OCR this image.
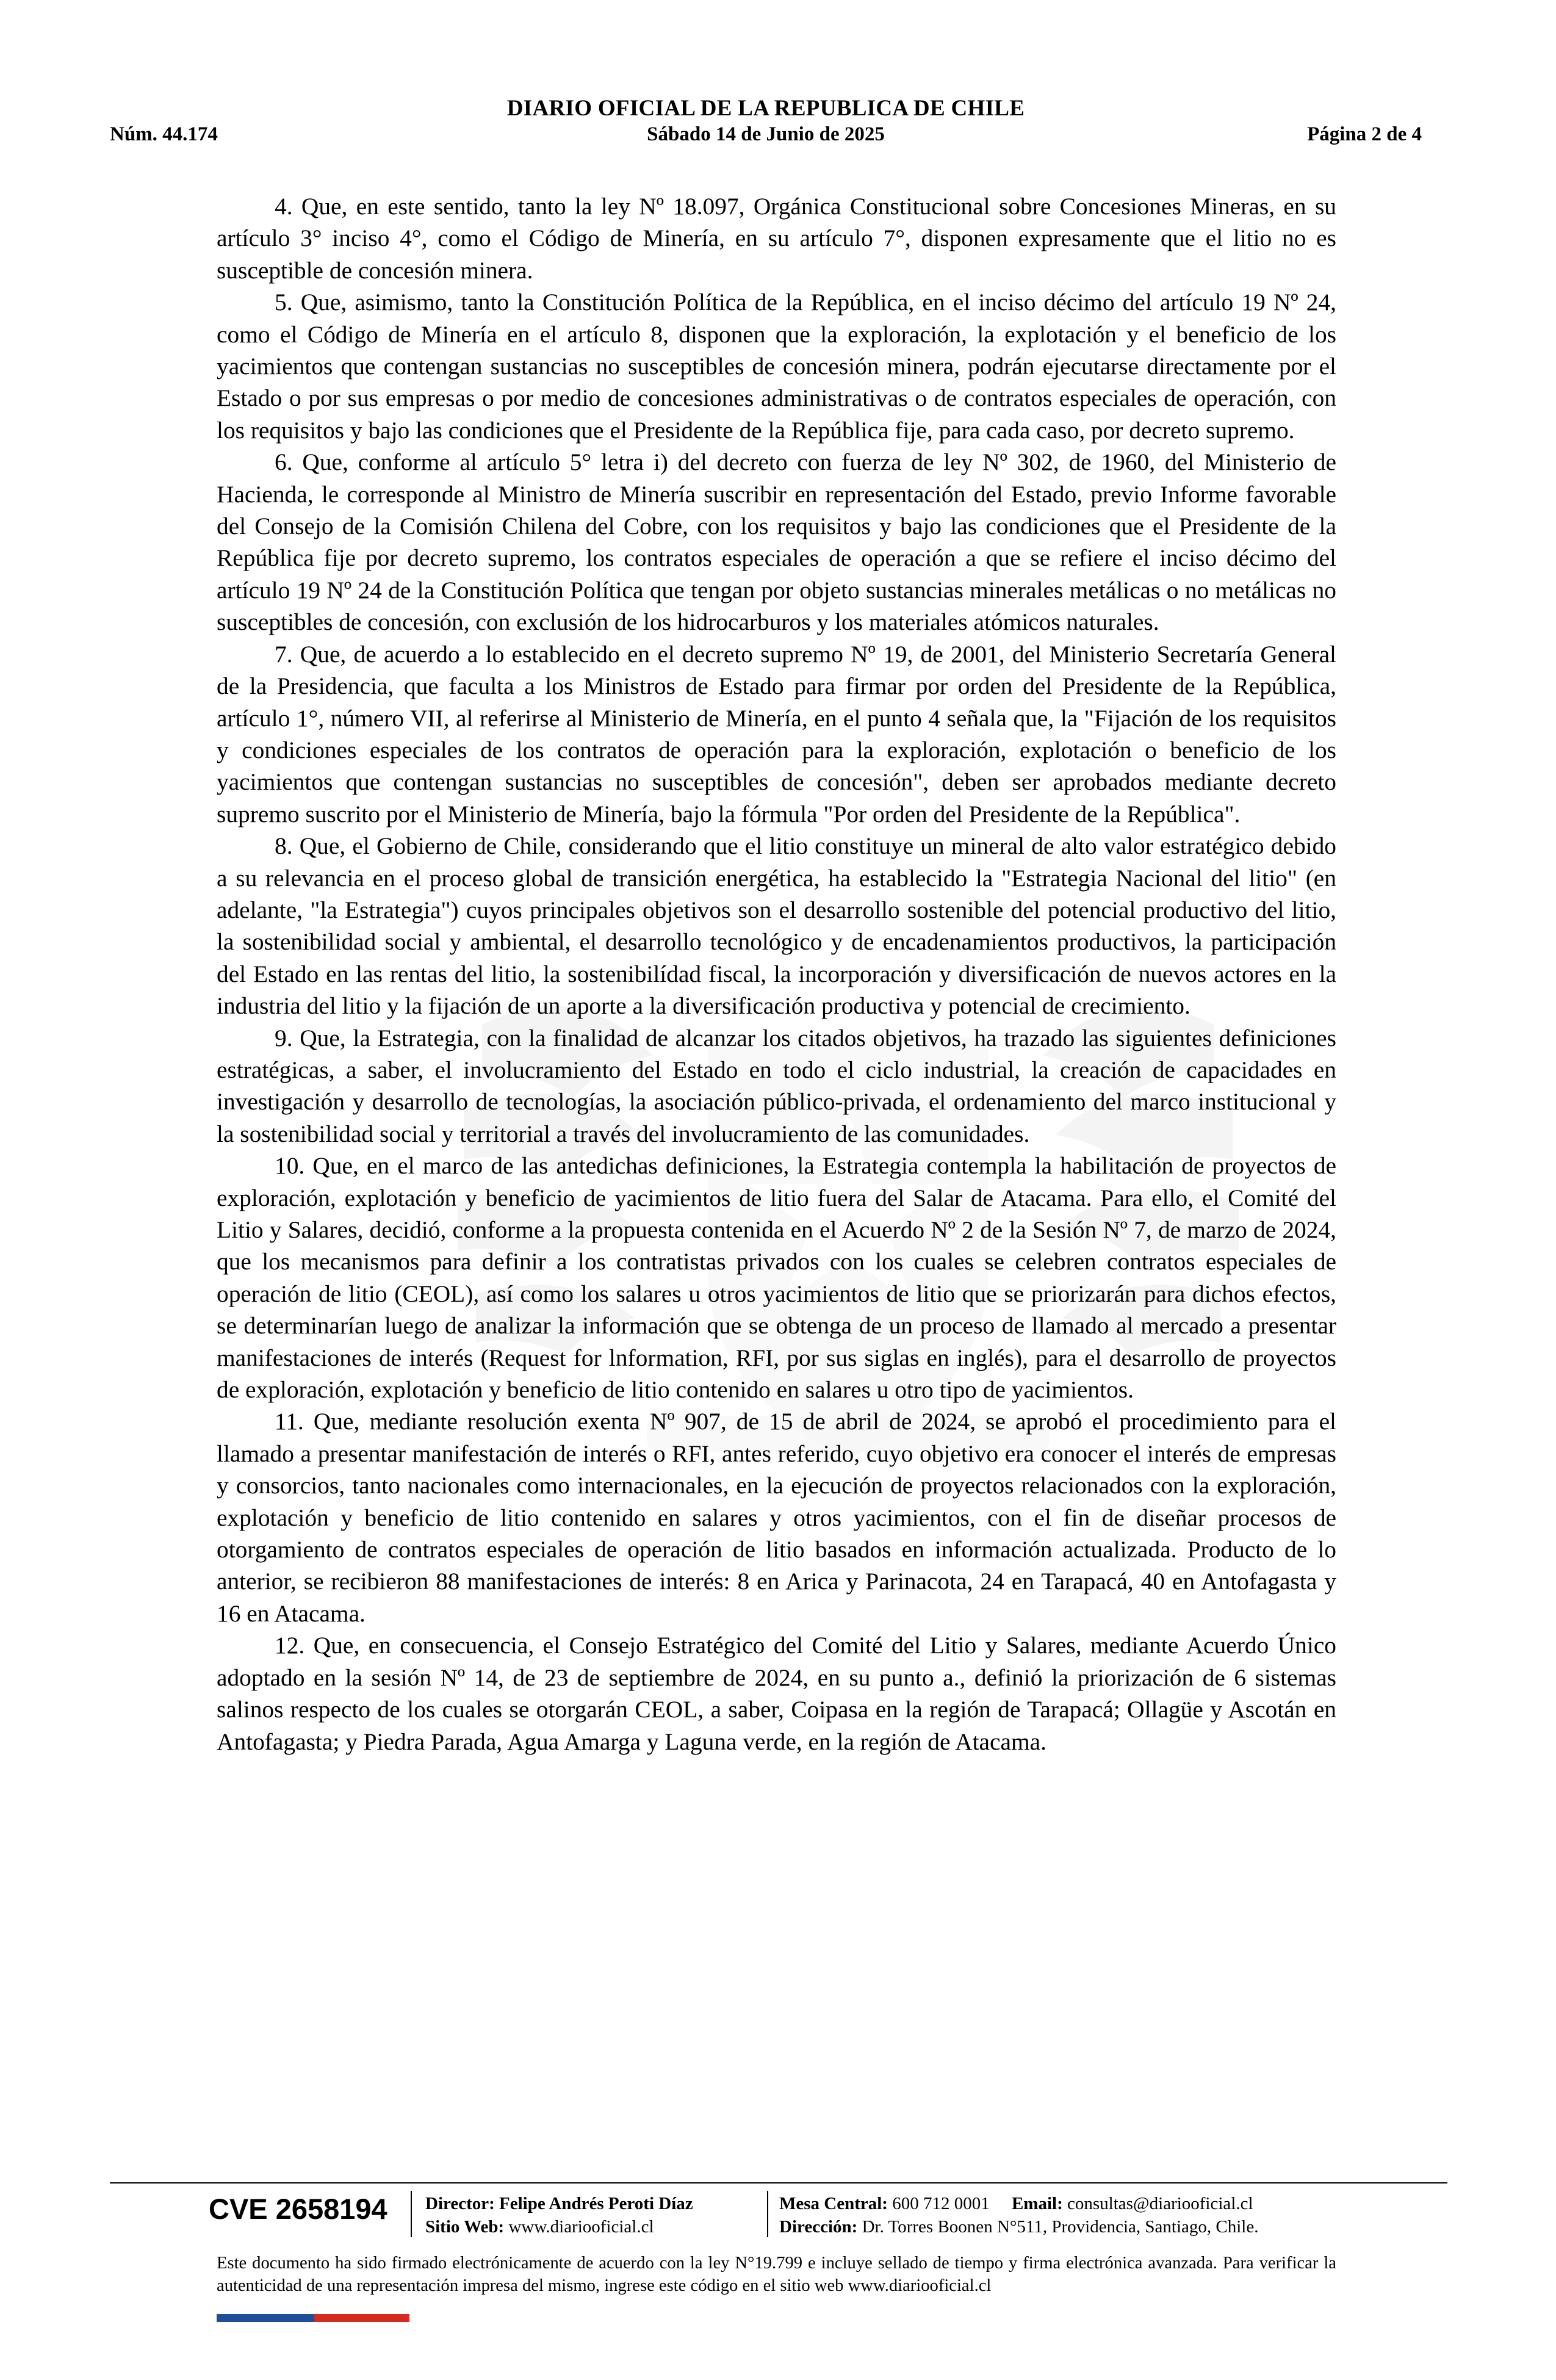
DIARIO OFICIAL DE LA REPUBLICA DE CHILE
Núm. 44.174	Sábado 14 de Junio de 2025	Página 2 de 4

4. Que, en este sentido, tanto la ley Nº 18.097, Orgánica Constitucional sobre Concesiones Mineras, en su artículo 3° inciso 4°, como el Código de Minería, en su artículo 7°, disponen expresamente que el litio no es susceptible de concesión minera.

5. Que, asimismo, tanto la Constitución Política de la República, en el inciso décimo del artículo 19 Nº 24, como el Código de Minería en el artículo 8, disponen que la exploración, la explotación y el beneficio de los yacimientos que contengan sustancias no susceptibles de concesión minera, podrán ejecutarse directamente por el Estado o por sus empresas o por medio de concesiones administrativas o de contratos especiales de operación, con los requisitos y bajo las condiciones que el Presidente de la República fije, para cada caso, por decreto supremo.

6. Que, conforme al artículo 5° letra i) del decreto con fuerza de ley Nº 302, de 1960, del Ministerio de Hacienda, le corresponde al Ministro de Minería suscribir en representación del Estado, previo Informe favorable del Consejo de la Comisión Chilena del Cobre, con los requisitos y bajo las condiciones que el Presidente de la República fije por decreto supremo, los contratos especiales de operación a que se refiere el inciso décimo del artículo 19 Nº 24 de la Constitución Política que tengan por objeto sustancias minerales metálicas o no metálicas no susceptibles de concesión, con exclusión de los hidrocarburos y los materiales atómicos naturales.

7. Que, de acuerdo a lo establecido en el decreto supremo Nº 19, de 2001, del Ministerio Secretaría General de la Presidencia, que faculta a los Ministros de Estado para firmar por orden del Presidente de la República, artículo 1°, número VII, al referirse al Ministerio de Minería, en el punto 4 señala que, la "Fijación de los requisitos y condiciones especiales de los contratos de operación para la exploración, explotación o beneficio de los yacimientos que contengan sustancias no susceptibles de concesión", deben ser aprobados mediante decreto supremo suscrito por el Ministerio de Minería, bajo la fórmula "Por orden del Presidente de la República".

8. Que, el Gobierno de Chile, considerando que el litio constituye un mineral de alto valor estratégico debido a su relevancia en el proceso global de transición energética, ha establecido la "Estrategia Nacional del litio" (en adelante, "la Estrategia") cuyos principales objetivos son el desarrollo sostenible del potencial productivo del litio, la sostenibilidad social y ambiental, el desarrollo tecnológico y de encadenamientos productivos, la participación del Estado en las rentas del litio, la sostenibilídad fiscal, la incorporación y diversificación de nuevos actores en la industria del litio y la fijación de un aporte a la diversificación productiva y potencial de crecimiento.

9. Que, la Estrategia, con la finalidad de alcanzar los citados objetivos, ha trazado las siguientes definiciones estratégicas, a saber, el involucramiento del Estado en todo el ciclo industrial, la creación de capacidades en investigación y desarrollo de tecnologías, la asociación público-privada, el ordenamiento del marco institucional y la sostenibilidad social y territorial a través del involucramiento de las comunidades.

10. Que, en el marco de las antedichas definiciones, la Estrategia contempla la habilitación de proyectos de exploración, explotación y beneficio de yacimientos de litio fuera del Salar de Atacama. Para ello, el Comité del Litio y Salares, decidió, conforme a la propuesta contenida en el Acuerdo Nº 2 de la Sesión Nº 7, de marzo de 2024, que los mecanismos para definir a los contratistas privados con los cuales se celebren contratos especiales de operación de litio (CEOL), así como los salares u otros yacimientos de litio que se priorizarán para dichos efectos, se determinarían luego de analizar la información que se obtenga de un proceso de llamado al mercado a presentar manifestaciones de interés (Request for lnformation, RFI, por sus siglas en inglés), para el desarrollo de proyectos de exploración, explotación y beneficio de litio contenido en salares u otro tipo de yacimientos.

11. Que, mediante resolución exenta Nº 907, de 15 de abril de 2024, se aprobó el procedimiento para el llamado a presentar manifestación de interés o RFI, antes referido, cuyo objetivo era conocer el interés de empresas y consorcios, tanto nacionales como internacionales, en la ejecución de proyectos relacionados con la exploración, explotación y beneficio de litio contenido en salares y otros yacimientos, con el fin de diseñar procesos de otorgamiento de contratos especiales de operación de litio basados en información actualizada. Producto de lo anterior, se recibieron 88 manifestaciones de interés: 8 en Arica y Parinacota, 24 en Tarapacá, 40 en Antofagasta y 16 en Atacama.

12. Que, en consecuencia, el Consejo Estratégico del Comité del Litio y Salares, mediante Acuerdo Único adoptado en la sesión Nº 14, de 23 de septiembre de 2024, en su punto a., definió la priorización de 6 sistemas salinos respecto de los cuales se otorgarán CEOL, a saber, Coipasa en la región de Tarapacá; Ollagüe y Ascotán en Antofagasta; y Piedra Parada, Agua Amarga y Laguna verde, en la región de Atacama.

CVE 2658194 Director: Felipe Andrés Peroti Díaz
Sitio Web: www.diariooficial.cl
Mesa Central: 600 712 0001 Email: consultas@diariooficial.cl
Dirección: Dr. Torres Boonen N°511, Providencia, Santiago, Chile.
Este documento ha sido firmado electrónicamente de acuerdo con la ley N°19.799 e incluye sellado de tiempo y firma electrónica avanzada. Para verificar la autenticidad de una representación impresa del mismo, ingrese este código en el sitio web www.diariooficial.cl
